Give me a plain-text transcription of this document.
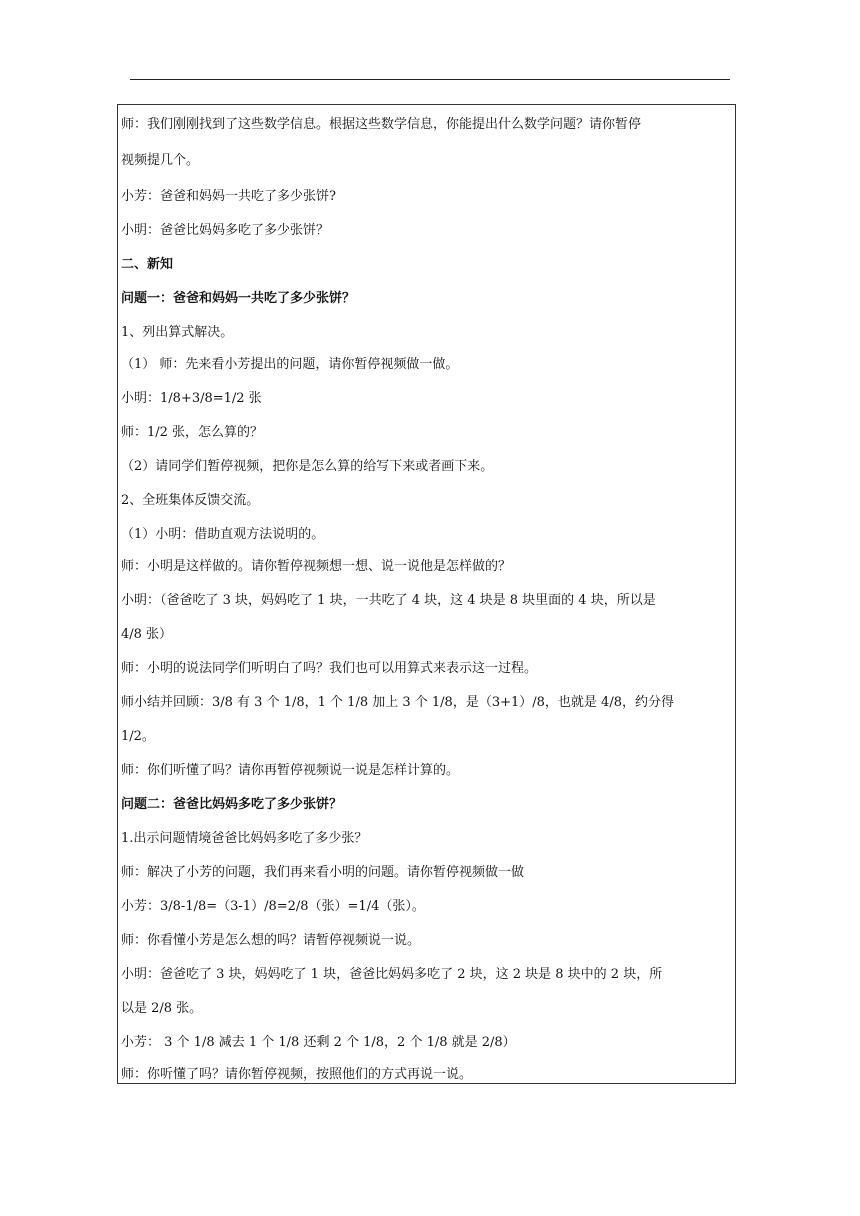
师：我们刚刚找到了这些数学信息。根据这些数学信息，你能提出什么数学问题？请你暂停
视频提几个。
小芳：爸爸和妈妈一共吃了多少张饼?
小明：爸爸比妈妈多吃了多少张饼？
二、新知
问题一：爸爸和妈妈一共吃了多少张饼？
1、列出算式解决。
（1） 师：先来看小芳提出的问题，请你暂停视频做一做。
小明：1/8+3/8=1/2 张
师：1/2 张，怎么算的？
（2）请同学们暂停视频，把你是怎么算的给写下来或者画下来。
2、全班集体反馈交流。
（1）小明：借助直观方法说明的。
师：小明是这样做的。请你暂停视频想一想、说一说他是怎样做的？
小明：（爸爸吃了 3 块，妈妈吃了 1 块，一共吃了 4 块，这 4 块是 8 块里面的 4 块，所以是
4/8 张）
师：小明的说法同学们听明白了吗？我们也可以用算式来表示这一过程。
师小结并回顾：3/8 有 3 个 1/8，1 个 1/8 加上 3 个 1/8，是（3+1）/8，也就是 4/8，约分得
1/2。
师：你们听懂了吗？请你再暂停视频说一说是怎样计算的。
问题二：爸爸比妈妈多吃了多少张饼？
1.出示问题情境爸爸比妈妈多吃了多少张？
师：解决了小芳的问题，我们再来看小明的问题。请你暂停视频做一做
小芳：3/8-1/8=（3-1）/8=2/8（张）=1/4（张）。
师：你看懂小芳是怎么想的吗？请暂停视频说一说。
小明：爸爸吃了 3 块，妈妈吃了 1 块，爸爸比妈妈多吃了 2 块，这 2 块是 8 块中的 2 块，所
以是 2/8 张。
小芳： 3 个 1/8 减去 1 个 1/8 还剩 2 个 1/8，2 个 1/8 就是 2/8）
师：你听懂了吗？请你暂停视频，按照他们的方式再说一说。
